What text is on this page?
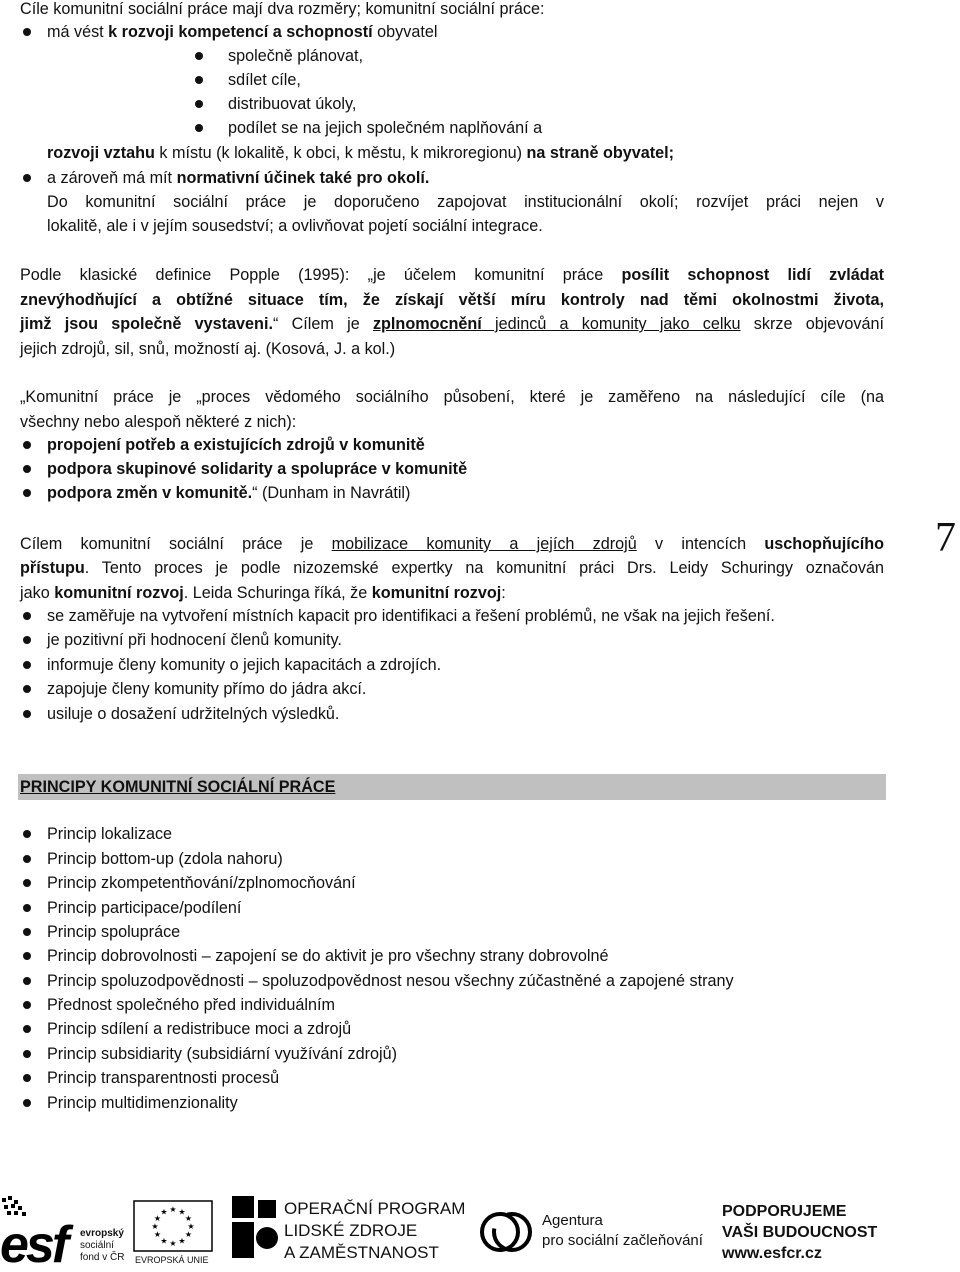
Cíle komunitní sociální práce mají dva rozměry; komunitní sociální práce:
má vést k rozvoji kompetencí a schopností obyvatel
společně plánovat,
sdílet cíle,
distribuovat úkoly,
podílet se na jejich společném naplňování a
rozvoji vztahu k místu (k lokalitě, k obci, k městu, k mikroregionu) na straně obyvatel;
a zároveň má mít normativní účinek také pro okolí.
Do komunitní sociální práce je doporučeno zapojovat institucionální okolí; rozvíjet práci nejen v
lokalitě, ale i v jejím sousedství; a ovlivňovat pojetí sociální integrace.
Podle klasické definice Popple (1995): „je účelem komunitní práce posílit schopnost lidí zvládat
znevýhodňující a obtížné situace tím, že získají větší míru kontroly nad těmi okolnostmi života,
jimž jsou společně vystaveni.“ Cílem je zplnomocnění jedinců a komunity jako celku skrze objevování
jejich zdrojů, sil, snů, možností aj. (Kosová, J. a kol.)
„Komunitní práce je „proces vědomého sociálního působení, které je zaměřeno na následující cíle (na
všechny nebo alespoň některé z nich):
propojení potřeb a existujících zdrojů v komunitě
podpora skupinové solidarity a spolupráce v komunitě
podpora změn v komunitě.“ (Dunham in Navrátil)
Cílem komunitní sociální práce je mobilizace komunity a jejích zdrojů v intencích uschopňujícího
přístupu. Tento proces je podle nizozemské expertky na komunitní práci Drs. Leidy Schuringy označován
jako komunitní rozvoj. Leida Schuringa říká, že komunitní rozvoj:
se zaměřuje na vytvoření místních kapacit pro identifikaci a řešení problémů, ne však na jejich řešení.
je pozitivní při hodnocení členů komunity.
informuje členy komunity o jejich kapacitách a zdrojích.
zapojuje členy komunity přímo do jádra akcí.
usiluje o dosažení udržitelných výsledků.
7
PRINCIPY KOMUNITNÍ SOCIÁLNÍ PRÁCE
Princip lokalizace
Princip bottom-up (zdola nahoru)
Princip zkompetentňování/zplnomocňování
Princip participace/podílení
Princip spolupráce
Princip dobrovolnosti – zapojení se do aktivit je pro všechny strany dobrovolné
Princip spoluzodpovědnosti – spoluzodpovědnost nesou všechny zúčastněné a zapojené strany
Přednost společného před individuálním
Princip sdílení a redistribuce moci a zdrojů
Princip subsidiarity (subsidiární využívání zdrojů)
Princip transparentnosti procesů
Princip multidimenzionality
esf	evropský
sociální
fond v ČR
★ ★
★
★
★
★
★
★
★
★
★
★
EVROPSKÁ UNIE
OPERAČNÍ PROGRAM
LIDSKÉ ZDROJE
A ZAMĚSTNANOST
Agentura
pro sociální začleňování
PODPORUJEME
VAŠI BUDOUCNOST
www.esfcr.cz
